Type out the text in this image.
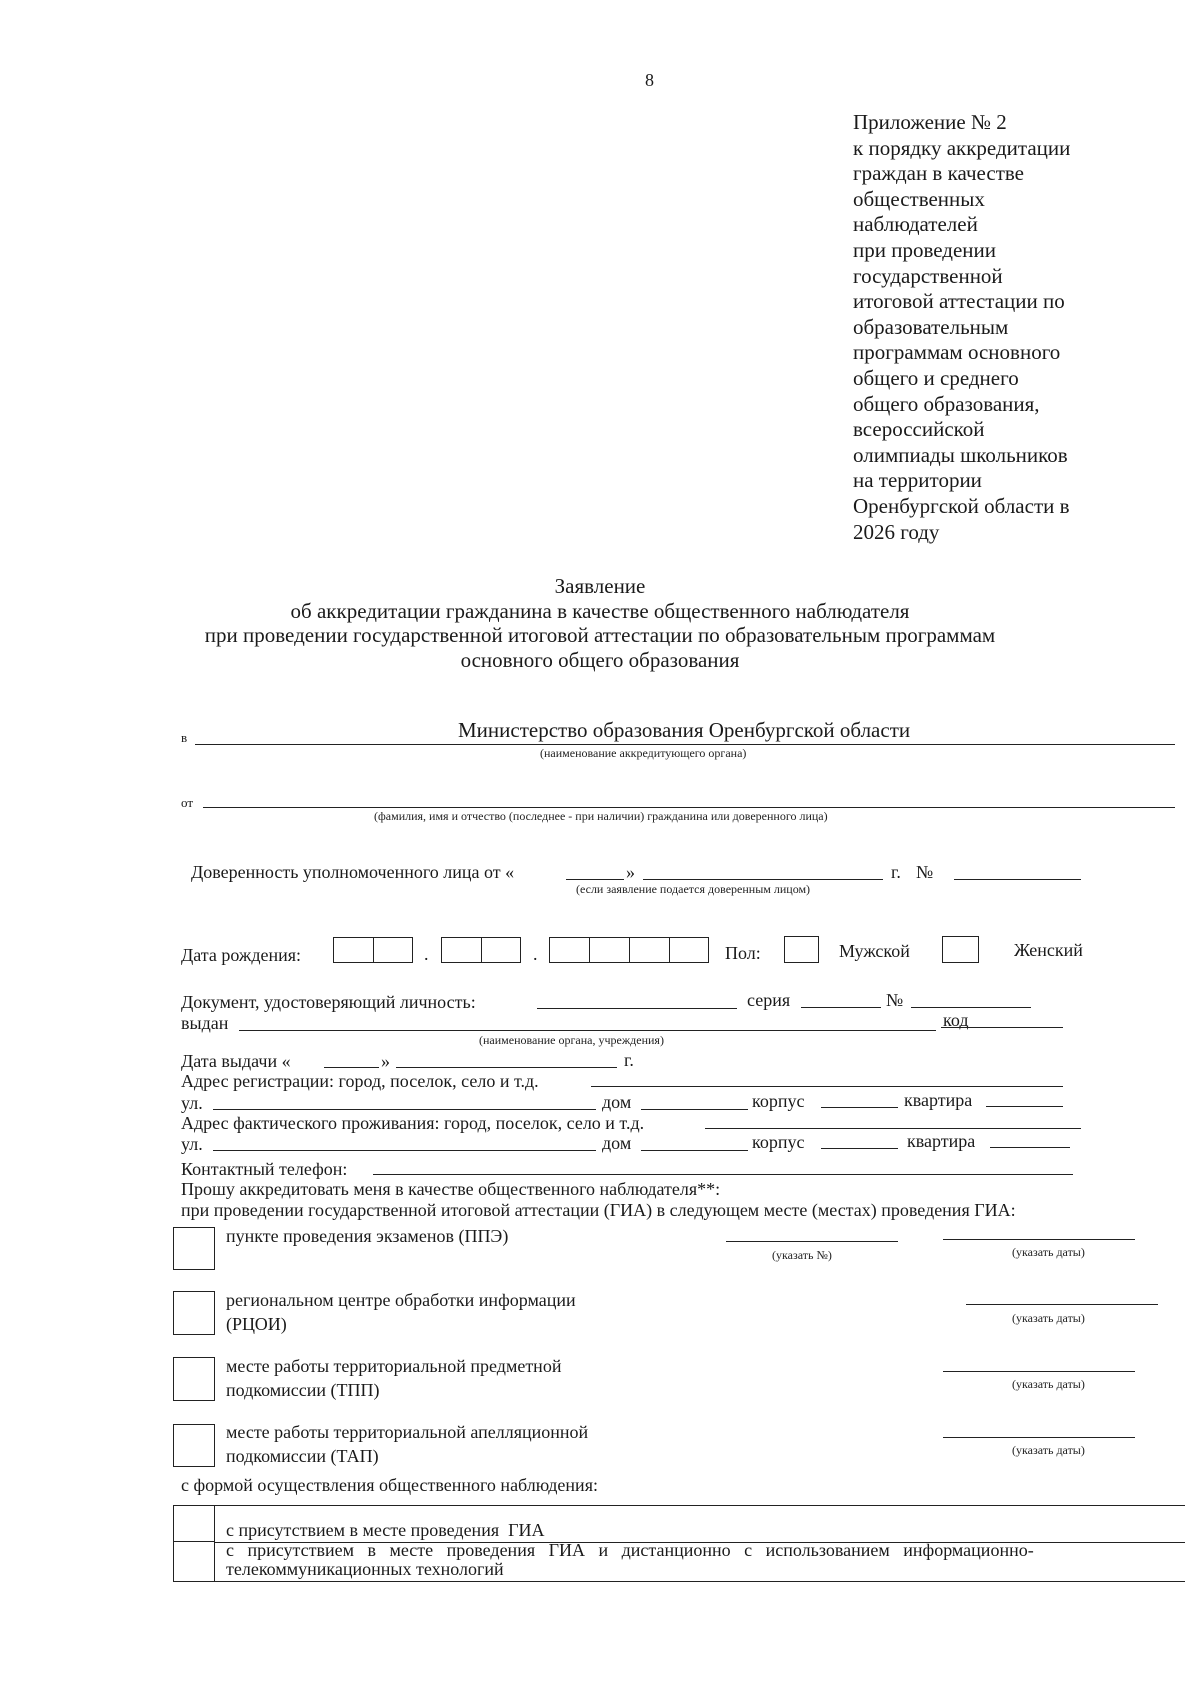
8
Приложение № 2
к порядку аккредитации
граждан в качестве
общественных
наблюдателей
при проведении
государственной
итоговой аттестации по
образовательным
программам основного
общего и среднего
общего образования,
всероссийской
олимпиады школьников
на территории
Оренбургской области в
2026 году
Заявление
об аккредитации гражданина в качестве общественного наблюдателя
при проведении государственной итоговой аттестации по образовательным программам
основного общего образования
в	Министерство образования Оренбургской области
(наименование аккредитующего органа)
от
(фамилия, имя и отчество (последнее - при наличии) гражданина или доверенного лица)
Доверенность уполномоченного лица от «	»	г. №
(если заявление подается доверенным лицом)
Дата рождения:	.	.	Пол:	Мужской	Женский
Документ, удостоверяющий личность:	серия	№
выдан	код
(наименование органа, учреждения)
Дата выдачи «	»	г.
Адрес регистрации: город, поселок, село и т.д.
ул.	дом	корпус	квартира
Адрес фактического проживания: город, поселок, село и т.д.
ул.	дом	корпус	квартира
Контактный телефон:
Прошу аккредитовать меня в качестве общественного наблюдателя**:
при проведении государственной итоговой аттестации (ГИА) в следующем месте (местах) проведения ГИА:
пункте проведения экзаменов (ППЭ)
(указать №)	(указать даты)
региональном центре обработки информации
(РЦОИ)	(указать даты)
месте работы территориальной предметной
подкомиссии (ТПП)	(указать даты)
месте работы территориальной апелляционной
подкомиссии (ТАП)	(указать даты)
с формой осуществления общественного наблюдения:
с присутствием в месте проведения  ГИА
с   присутствием   в   месте   проведения   ГИА   и   дистанционно   с   использованием   информационно-
телекоммуникационных технологий
